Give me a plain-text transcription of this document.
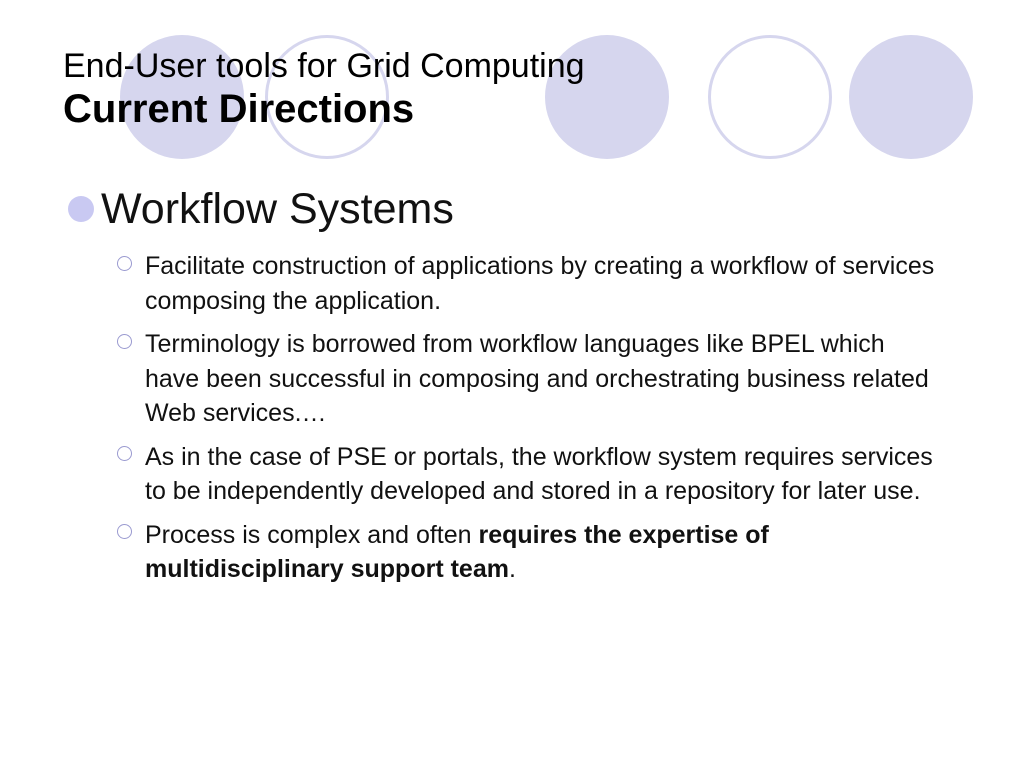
End-User tools for Grid Computing
Current Directions
Workflow Systems
Facilitate construction of applications by creating a workflow of services composing the application.
Terminology is borrowed from workflow languages like BPEL which have been successful in composing and orchestrating business related Web services.…
As in the case of PSE or portals, the workflow system requires services to be independently developed and stored in a repository for later use.
Process is complex and often requires the expertise of multidisciplinary support team.
